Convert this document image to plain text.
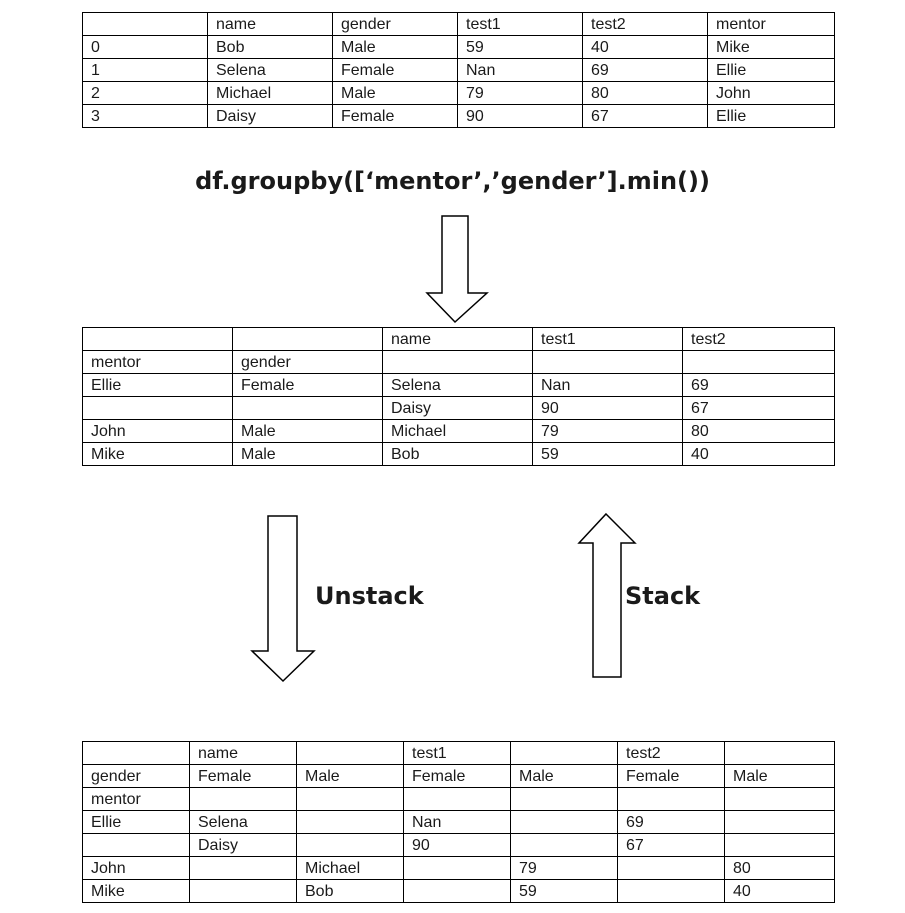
	name	gender	test1	test2	mentor
0	Bob	Male	59	40	Mike
1	Selena	Female	Nan	69	Ellie
2	Michael	Male	79	80	John
3	Daisy	Female	90	67	Ellie
df.groupby([‘mentor’,’gender’].min())
		name	test1	test2
mentor	gender			
Ellie	Female	Selena	Nan	69
		Daisy	90	67
John	Male	Michael	79	80
Mike	Male	Bob	59	40
Unstack	Stack
	name		test1		test2	
gender	Female	Male	Female	Male	Female	Male
mentor						
Ellie	Selena		Nan		69	
	Daisy		90		67	
John		Michael		79		80
Mike		Bob		59		40
